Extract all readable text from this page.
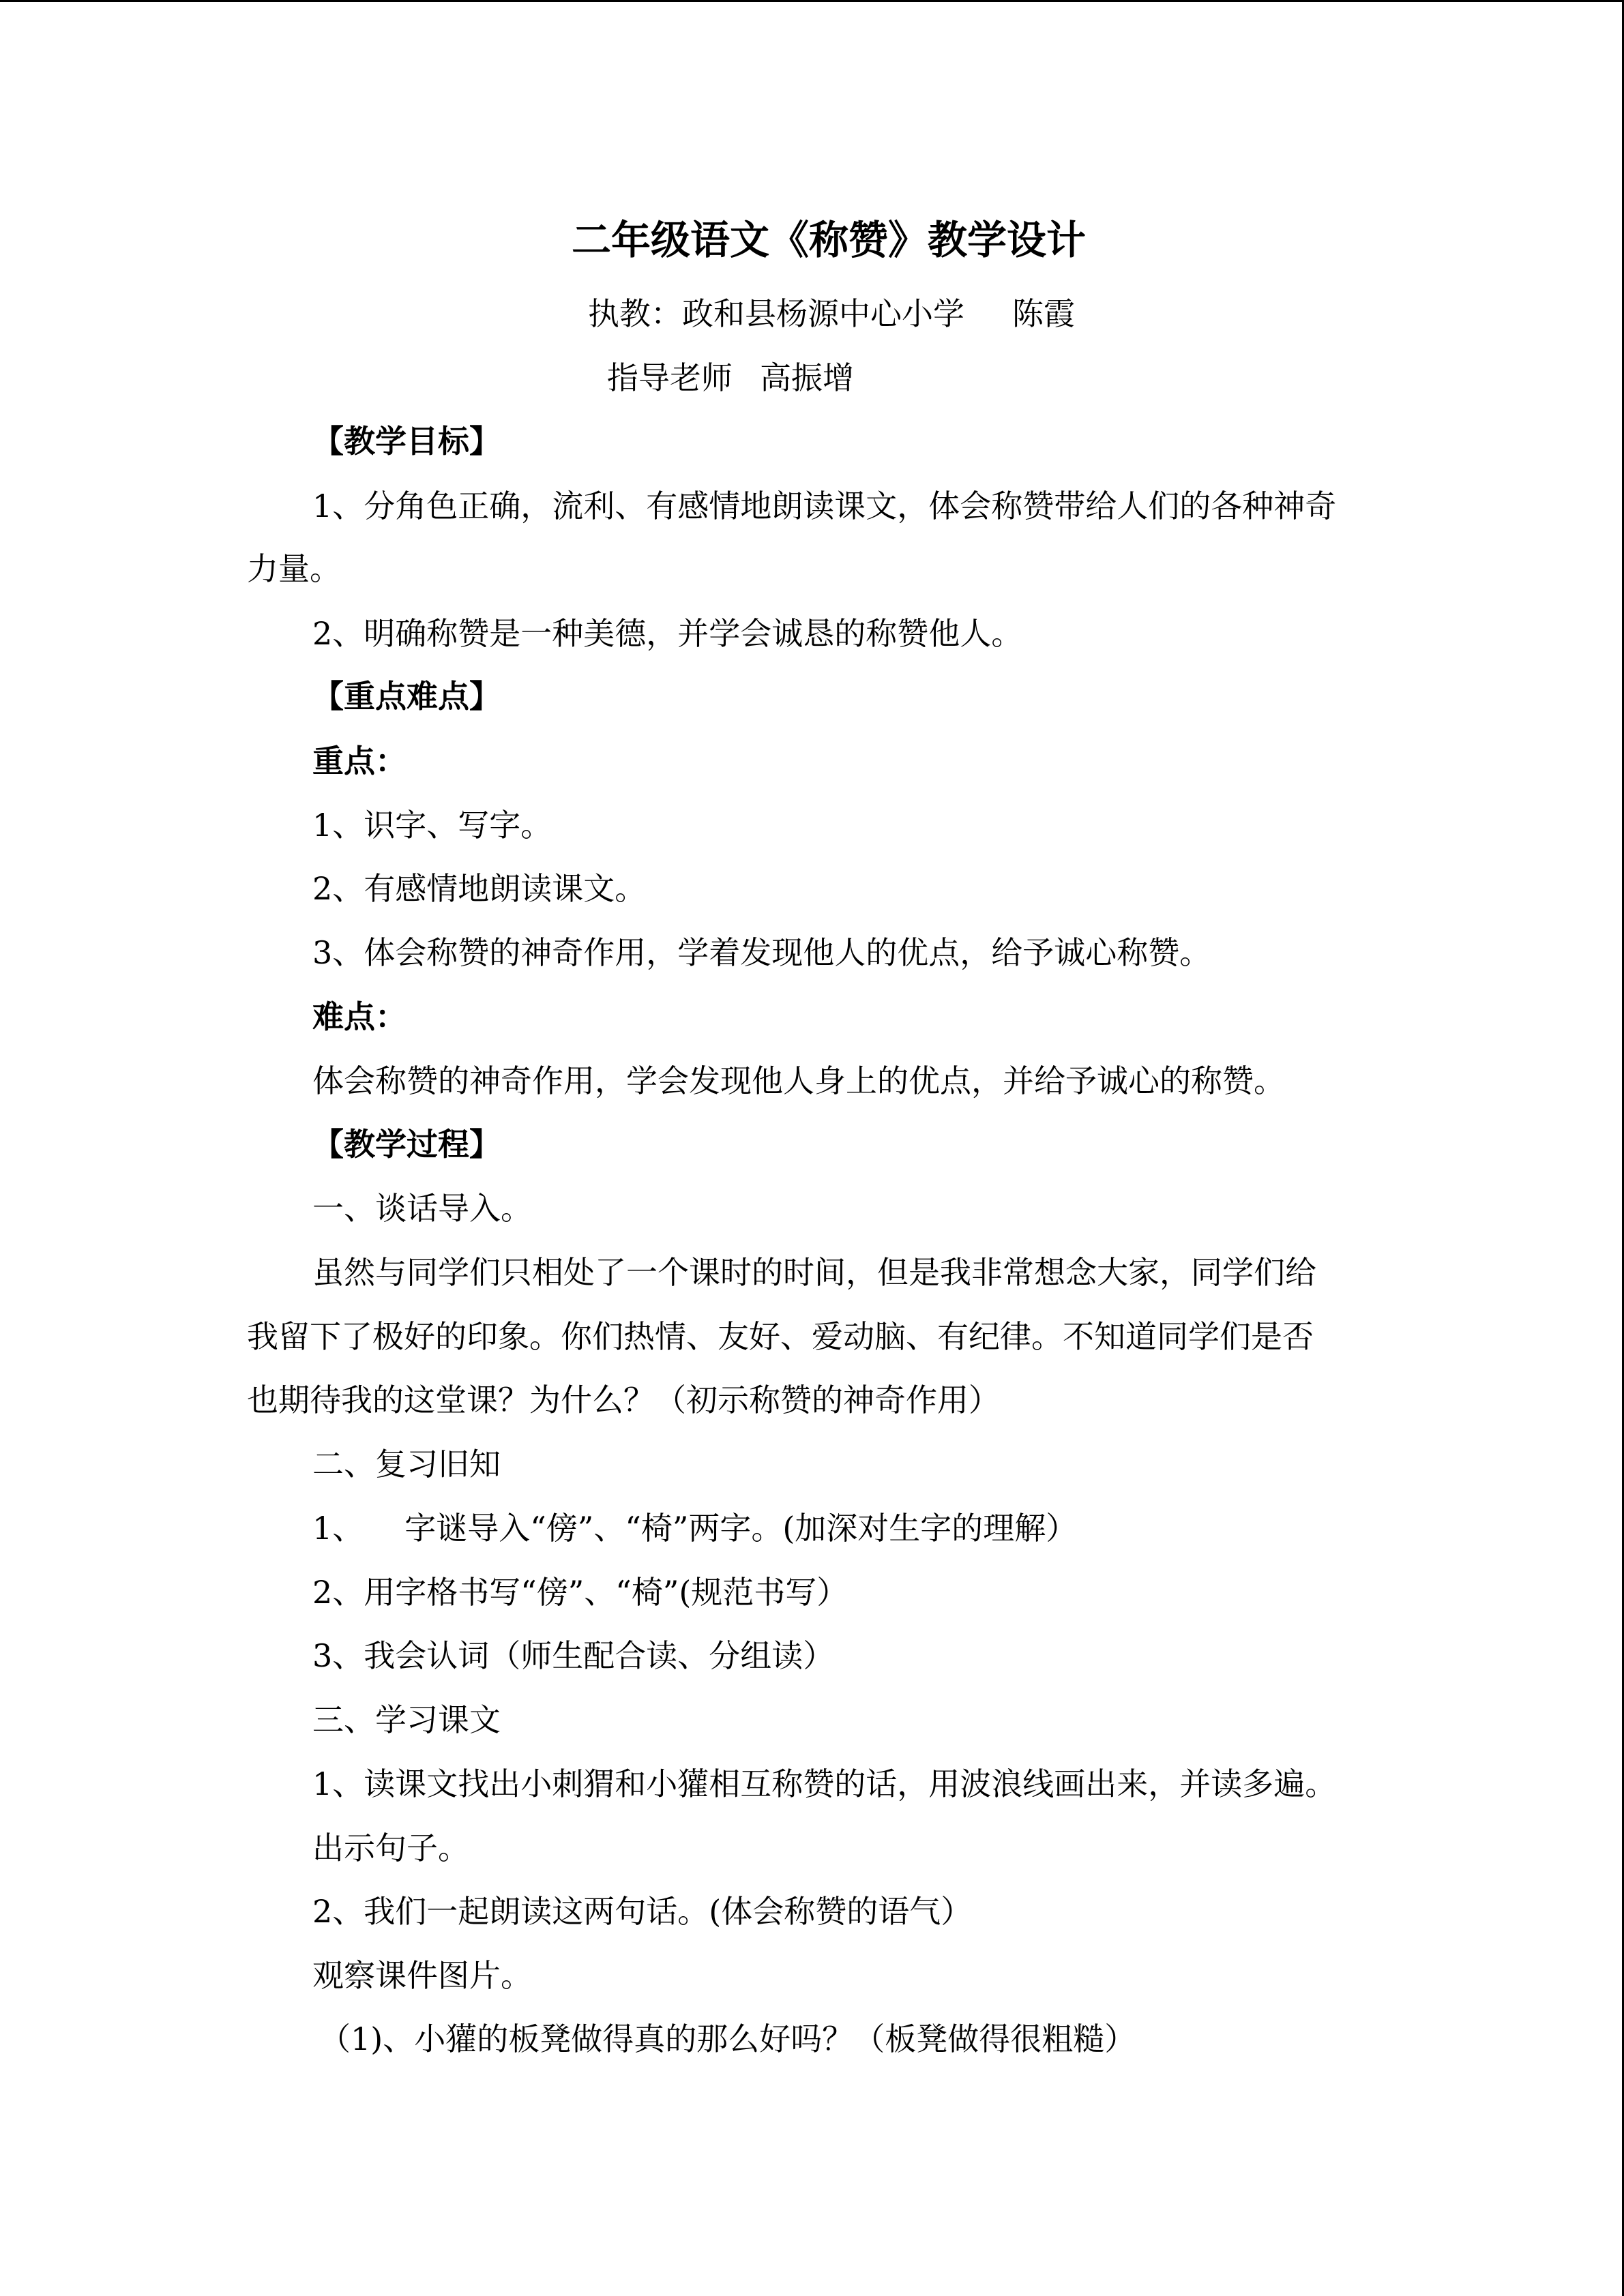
二年级语文《称赞》教学设计

执教：政和县杨源中心小学 陈霞

指导老师 高振增

【教学目标】

1、分角色正确，流利、有感情地朗读课文，体会称赞带给人们的各种神奇

力量。

2、明确称赞是一种美德，并学会诚恳的称赞他人。

【重点难点】

重点：

1、识字、写字。

2、有感情地朗读课文。

3、体会称赞的神奇作用，学着发现他人的优点，给予诚心称赞。

难点：

体会称赞的神奇作用，学会发现他人身上的优点，并给予诚心的称赞。

【教学过程】

一、谈话导入。

虽然与同学们只相处了一个课时的时间，但是我非常想念大家，同学们给

我留下了极好的印象。你们热情、友好、爱动脑、有纪律。不知道同学们是否

也期待我的这堂课？为什么？（初示称赞的神奇作用）

二、复习旧知

1、 字谜导入“傍”、“椅”两字。(加深对生字的理解）

2、用字格书写“傍”、“椅”(规范书写）

3、我会认词（师生配合读、分组读）

三、学习课文

1、读课文找出小刺猬和小獾相互称赞的话，用波浪线画出来，并读多遍。

出示句子。

2、我们一起朗读这两句话。(体会称赞的语气）

观察课件图片。

（1)、小獾的板凳做得真的那么好吗？（板凳做得很粗糙）
